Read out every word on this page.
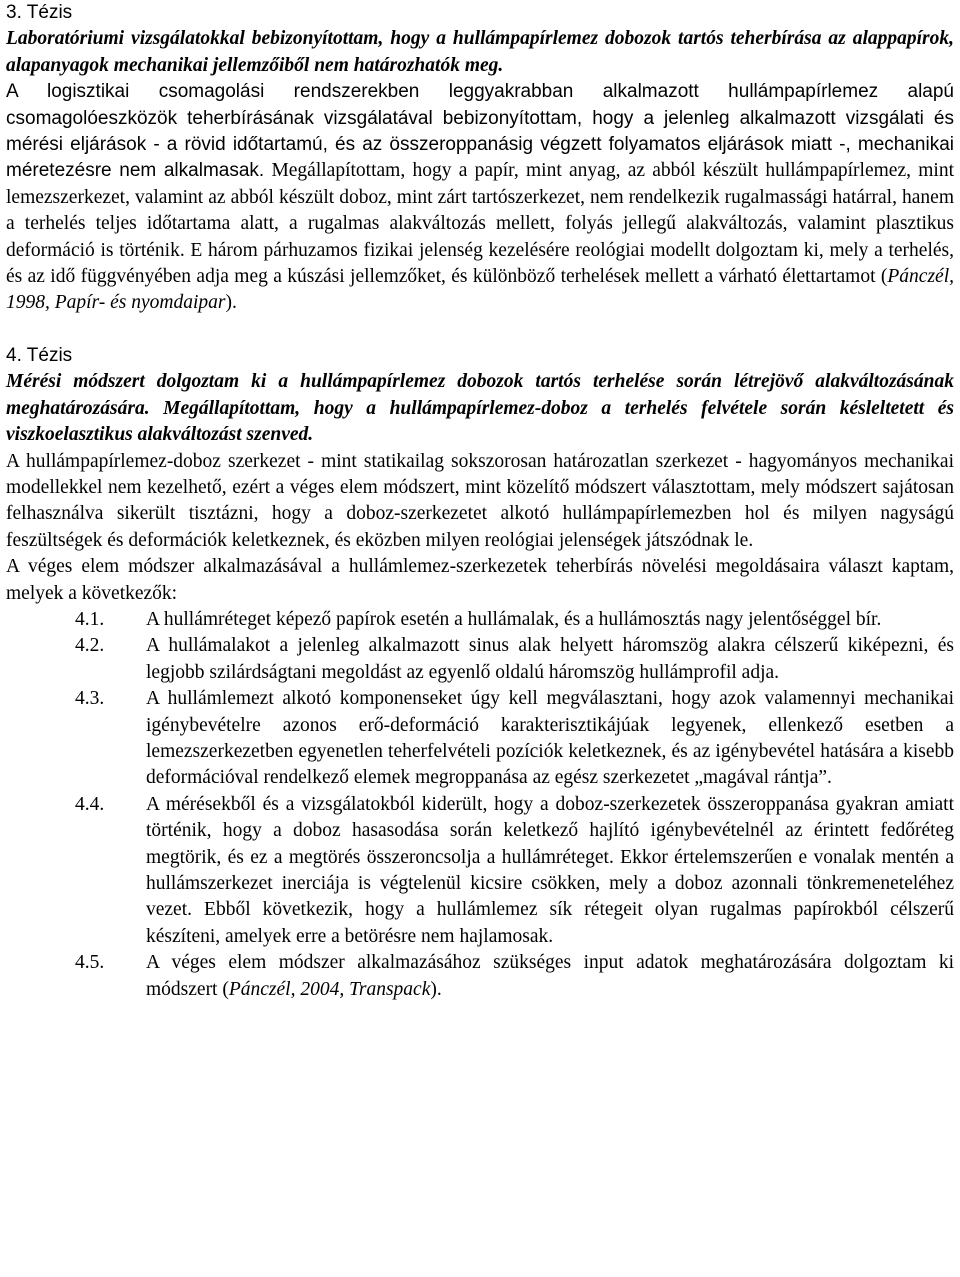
3. Tézis

Laboratóriumi vizsgálatokkal bebizonyítottam, hogy a hullámpapírlemez dobozok tartós teherbírása az alappapírok, alapanyagok mechanikai jellemzőiből nem határozhatók meg.

A logisztikai csomagolási rendszerekben leggyakrabban alkalmazott hullámpapírlemez alapú csomagolóeszközök teherbírásának vizsgálatával bebizonyítottam, hogy a jelenleg alkalmazott vizsgálati és mérési eljárások - a rövid időtartamú, és az összeroppanásig végzett folyamatos eljárások miatt -, mechanikai méretezésre nem alkalmasak. Megállapítottam, hogy a papír, mint anyag, az abból készült hullámpapírlemez, mint lemezszerkezet, valamint az abból készült doboz, mint zárt tartószerkezet, nem rendelkezik rugalmassági határral, hanem a terhelés teljes időtartama alatt, a rugalmas alakváltozás mellett, folyás jellegű alakváltozás, valamint plasztikus deformáció is történik. E három párhuzamos fizikai jelenség kezelésére reológiai modellt dolgoztam ki, mely a terhelés, és az idő függvényében adja meg a kúszási jellemzőket, és különböző terhelések mellett a várható élettartamot (Pánczél, 1998, Papír- és nyomdaipar).

4. Tézis

Mérési módszert dolgoztam ki a hullámpapírlemez dobozok tartós terhelése során létrejövő alakváltozásának meghatározására. Megállapítottam, hogy a hullámpapírlemez-doboz a terhelés felvétele során késleltetett és viszkoelasztikus alakváltozást szenved.

A hullámpapírlemez-doboz szerkezet - mint statikailag sokszorosan határozatlan szerkezet - hagyományos mechanikai modellekkel nem kezelhető, ezért a véges elem módszert, mint közelítő módszert választottam, mely módszert sajátosan felhasználva sikerült tisztázni, hogy a doboz-szerkezetet alkotó hullámpapírlemezben hol és milyen nagyságú feszültségek és deformációk keletkeznek, és eközben milyen reológiai jelenségek játszódnak le.

A véges elem módszer alkalmazásával a hullámlemez-szerkezetek teherbírás növelési megoldásaira választ kaptam, melyek a következők:

4.1.	A hullámréteget képező papírok esetén a hullámalak, és a hullámosztás nagy jelentőséggel bír.
4.2.	A hullámalakot a jelenleg alkalmazott sinus alak helyett háromszög alakra célszerű kiképezni, és legjobb szilárdságtani megoldást az egyenlő oldalú háromszög hullámprofil adja.
4.3.	A hullámlemezt alkotó komponenseket úgy kell megválasztani, hogy azok valamennyi mechanikai igénybevételre azonos erő-deformáció karakterisztikájúak legyenek, ellenkező esetben a lemezszerkezetben egyenetlen teherfelvételi pozíciók keletkeznek, és az igénybevétel hatására a kisebb deformációval rendelkező elemek megroppanása az egész szerkezetet „magával rántja”.
4.4.	A mérésekből és a vizsgálatokból kiderült, hogy a doboz-szerkezetek összeroppanása gyakran amiatt történik, hogy a doboz hasasodása során keletkező hajlító igénybevételnél az érintett fedőréteg megtörik, és ez a megtörés összeroncsolja a hullámréteget. Ekkor értelemszerűen e vonalak mentén a hullámszerkezet inerciája is végtelenül kicsire csökken, mely a doboz azonnali tönkremeneteléhez vezet. Ebből következik, hogy a hullámlemez sík rétegeit olyan rugalmas papírokból célszerű készíteni, amelyek erre a betörésre nem hajlamosak.
4.5.	A véges elem módszer alkalmazásához szükséges input adatok meghatározására dolgoztam ki módszert (Pánczél, 2004, Transpack).
